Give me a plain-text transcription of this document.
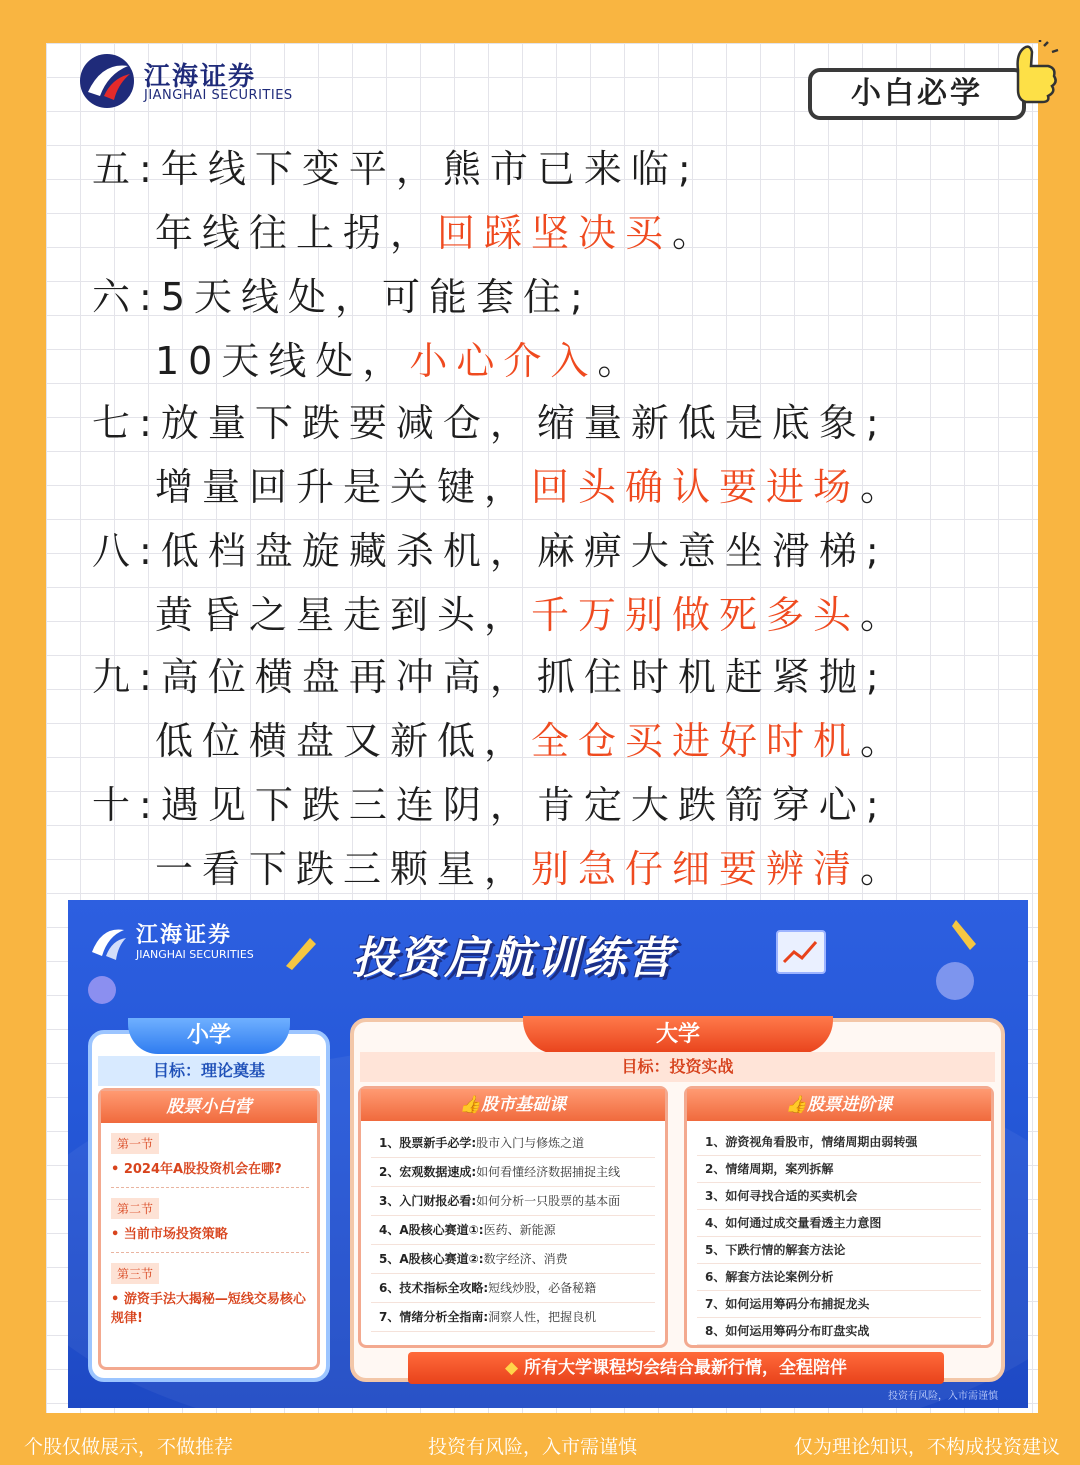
江海证券
JIANGHAI SECURITIES	小白必学
五:年线下变平，熊市已来临;
年线往上拐，回踩坚决买。
六:5天线处，可能套住;
10天线处，小心介入。
七:放量下跌要减仓，缩量新低是底象;
增量回升是关键，回头确认要进场。
八:低档盘旋藏杀机，麻痹大意坐滑梯;
黄昏之星走到头，千万别做死多头。
九:高位横盘再冲高，抓住时机赶紧抛;
低位横盘又新低，全仓买进好时机。
十:遇见下跌三连阴，肯定大跌箭穿心;
一看下跌三颗星，别急仔细要辨清。
江海证券
JIANGHAI SECURITIES 投资启航训练营
小学
目标：理论奠基
股票小白营
第一节
• 2024年A股投资机会在哪?
第二节
• 当前市场投资策略
第三节
• 游资手法大揭秘—短线交易核心规律!
大学
目标：投资实战
👍股市基础课
1、股票新手必学:股市入门与修炼之道
2、宏观数据速成:如何看懂经济数据捕捉主线
3、入门财报必看:如何分析一只股票的基本面
4、A股核心赛道①:医药、新能源
5、A股核心赛道②:数字经济、消费
6、技术指标全攻略:短线炒股，必备秘籍
7、情绪分析全指南:洞察人性，把握良机
👍股票进阶课
1、游资视角看股市，情绪周期由弱转强
2、情绪周期，案列拆解
3、如何寻找合适的买卖机会
4、如何通过成交量看透主力意图
5、下跌行情的解套方法论
6、解套方法论案例分析
7、如何运用筹码分布捕捉龙头
8、如何运用筹码分布盯盘实战
◆ 所有大学课程均会结合最新行情，全程陪伴
投资有风险，入市需谨慎
个股仅做展示，不做推荐	投资有风险，入市需谨慎	仅为理论知识，不构成投资建议
